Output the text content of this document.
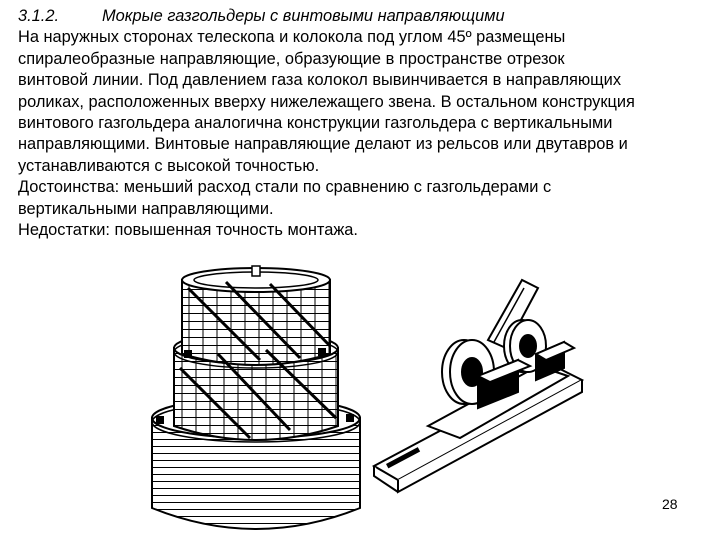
3.1.2.	Мокрые газгольдеры с винтовыми направляющими
На наружных сторонах телескопа и колокола под углом 45º размещены
спиралеобразные направляющие, образующие в пространстве отрезок
винтовой линии. Под давлением газа колокол вывинчивается в направляющих
роликах, расположенных вверху нижележащего звена. В остальном конструкция
винтового газгольдера аналогична конструкции газгольдера с вертикальными
направляющими. Винтовые направляющие делают из рельсов или двутавров и
устанавливаются с высокой точностью.
Достоинства: меньший расход стали по сравнению с газгольдерами с
вертикальными направляющими.
Недостатки: повышенная точность монтажа.
28
